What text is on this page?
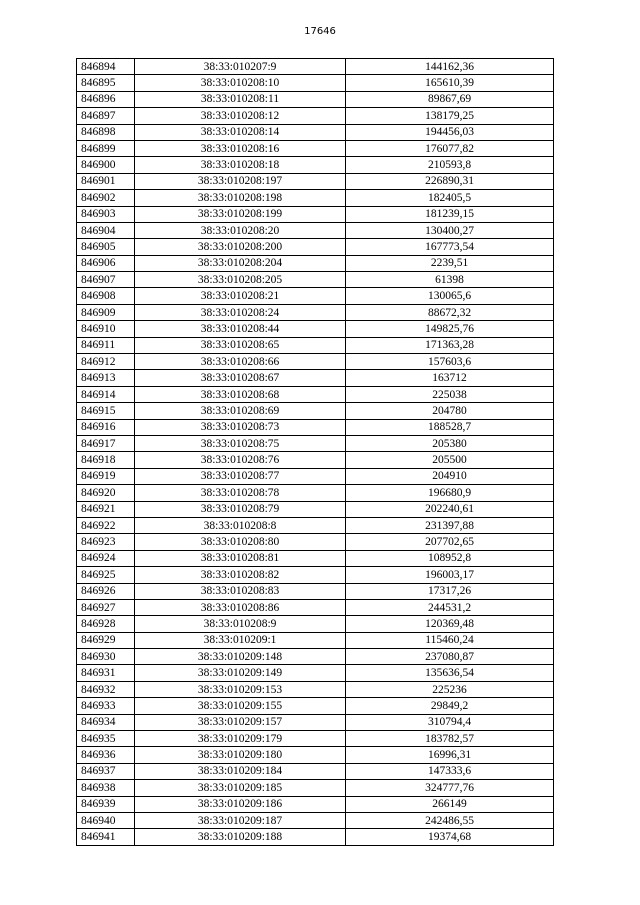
17646
846894	38:33:010207:9	144162,36
846895	38:33:010208:10	165610,39
846896	38:33:010208:11	89867,69
846897	38:33:010208:12	138179,25
846898	38:33:010208:14	194456,03
846899	38:33:010208:16	176077,82
846900	38:33:010208:18	210593,8
846901	38:33:010208:197	226890,31
846902	38:33:010208:198	182405,5
846903	38:33:010208:199	181239,15
846904	38:33:010208:20	130400,27
846905	38:33:010208:200	167773,54
846906	38:33:010208:204	2239,51
846907	38:33:010208:205	61398
846908	38:33:010208:21	130065,6
846909	38:33:010208:24	88672,32
846910	38:33:010208:44	149825,76
846911	38:33:010208:65	171363,28
846912	38:33:010208:66	157603,6
846913	38:33:010208:67	163712
846914	38:33:010208:68	225038
846915	38:33:010208:69	204780
846916	38:33:010208:73	188528,7
846917	38:33:010208:75	205380
846918	38:33:010208:76	205500
846919	38:33:010208:77	204910
846920	38:33:010208:78	196680,9
846921	38:33:010208:79	202240,61
846922	38:33:010208:8	231397,88
846923	38:33:010208:80	207702,65
846924	38:33:010208:81	108952,8
846925	38:33:010208:82	196003,17
846926	38:33:010208:83	17317,26
846927	38:33:010208:86	244531,2
846928	38:33:010208:9	120369,48
846929	38:33:010209:1	115460,24
846930	38:33:010209:148	237080,87
846931	38:33:010209:149	135636,54
846932	38:33:010209:153	225236
846933	38:33:010209:155	29849,2
846934	38:33:010209:157	310794,4
846935	38:33:010209:179	183782,57
846936	38:33:010209:180	16996,31
846937	38:33:010209:184	147333,6
846938	38:33:010209:185	324777,76
846939	38:33:010209:186	266149
846940	38:33:010209:187	242486,55
846941	38:33:010209:188	19374,68
